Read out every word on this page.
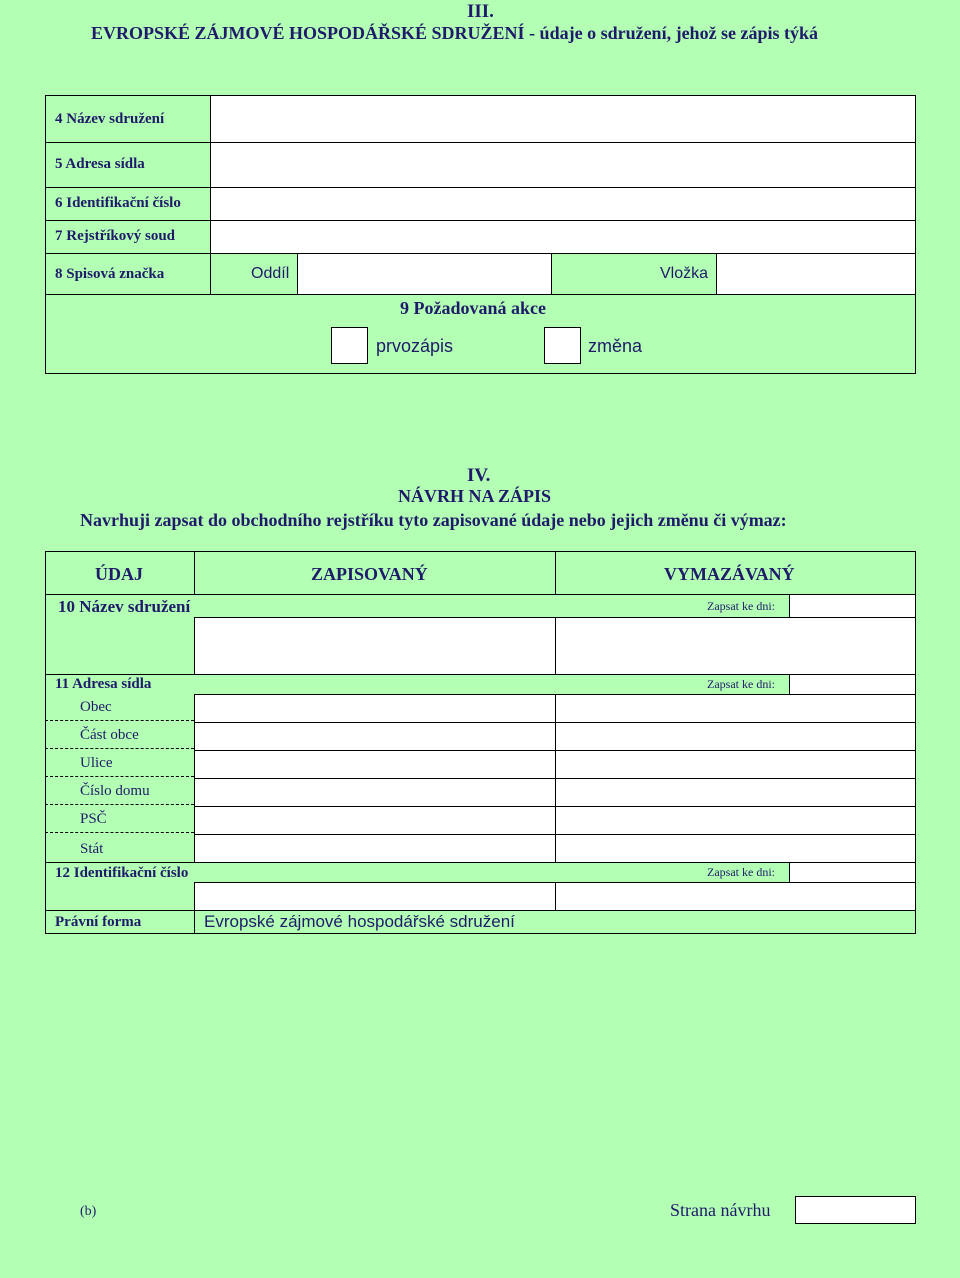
III.
EVROPSKÉ ZÁJMOVÉ HOSPODÁŘSKÉ SDRUŽENÍ - údaje o sdružení, jehož se zápis týká
4 Název sdružení
5 Adresa sídla
6 Identifikační číslo
7 Rejstříkový soud
8 Spisová značka	Oddíl	Vložka
9 Požadovaná akce
prvozápis	změna
IV.
NÁVRH NA ZÁPIS
Navrhuji zapsat do obchodního rejstříku tyto zapisované údaje nebo jejich změnu či výmaz:
ÚDAJ	ZAPISOVANÝ	VYMAZÁVANÝ
10 Název sdružení	Zapsat ke dni:
11 Adresa sídla	Zapsat ke dni:
Obec
Část obce
Ulice
Číslo domu
PSČ
Stát
12 Identifikační číslo	Zapsat ke dni:
Právní forma	Evropské zájmové hospodářské sdružení
(b)	Strana návrhu
